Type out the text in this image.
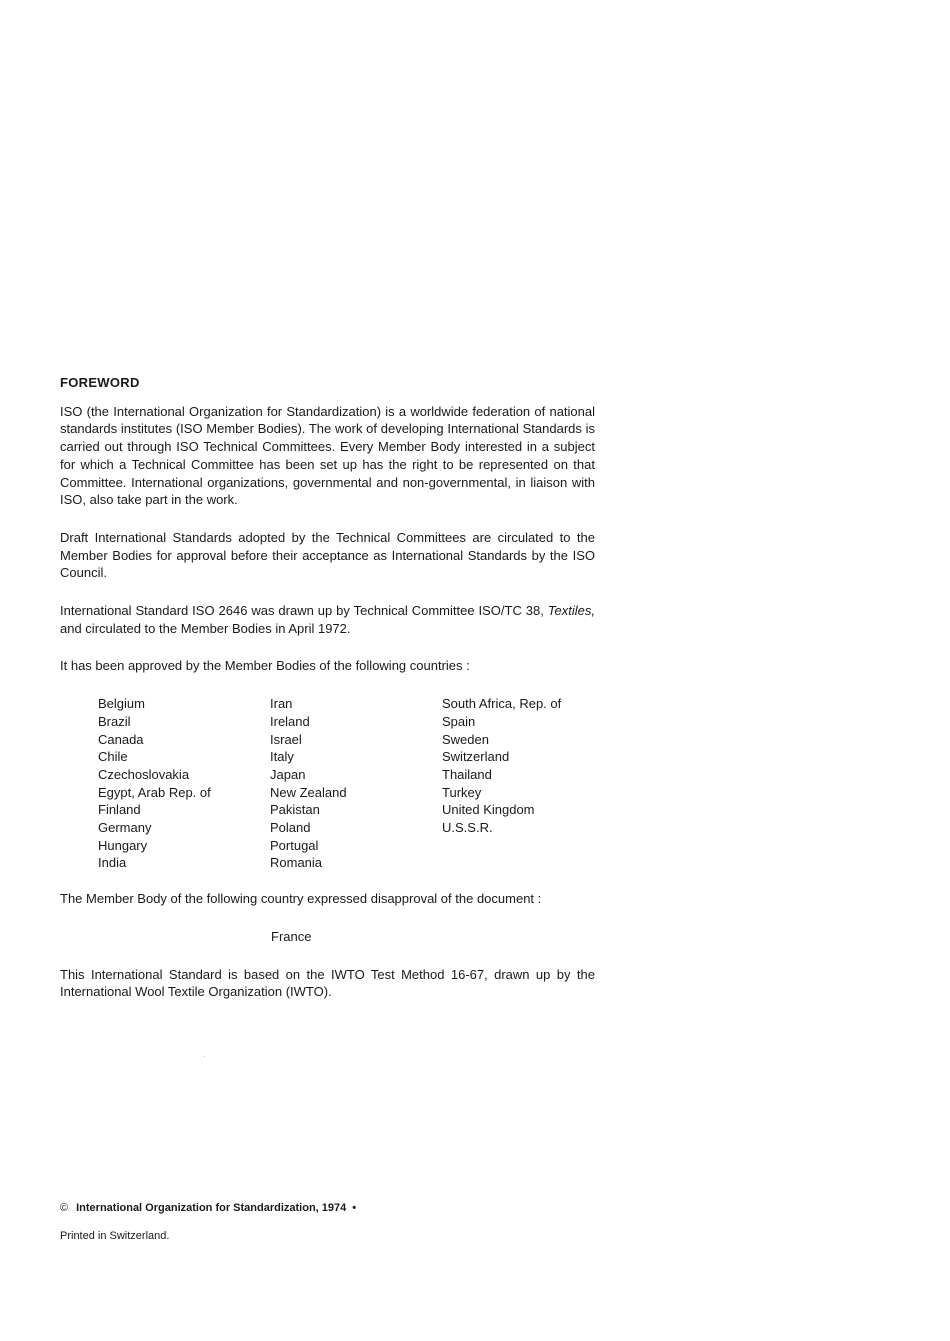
FOREWORD

ISO (the International Organization for Standardization) is a worldwide federation of national standards institutes (ISO Member Bodies). The work of developing International Standards is carried out through ISO Technical Committees. Every Member Body interested in a subject for which a Technical Committee has been set up has the right to be represented on that Committee. International organizations, governmental and non-governmental, in liaison with ISO, also take part in the work.

Draft International Standards adopted by the Technical Committees are circulated to the Member Bodies for approval before their acceptance as International Standards by the ISO Council.

International Standard ISO 2646 was drawn up by Technical Committee ISO/TC 38, Textiles, and circulated to the Member Bodies in April 1972.

It has been approved by the Member Bodies of the following countries :

Belgium
Brazil
Canada
Chile
Czechoslovakia
Egypt, Arab Rep. of
Finland
Germany
Hungary
India
Iran
Ireland
Israel
Italy
Japan
New Zealand
Pakistan
Poland
Portugal
Romania
South Africa, Rep. of
Spain
Sweden
Switzerland
Thailand
Turkey
United Kingdom
U.S.S.R.

The Member Body of the following country expressed disapproval of the document :

France

This International Standard is based on the IWTO Test Method 16-67, drawn up by the International Wool Textile Organization (IWTO).

© International Organization for Standardization, 1974 •
Printed in Switzerland.
